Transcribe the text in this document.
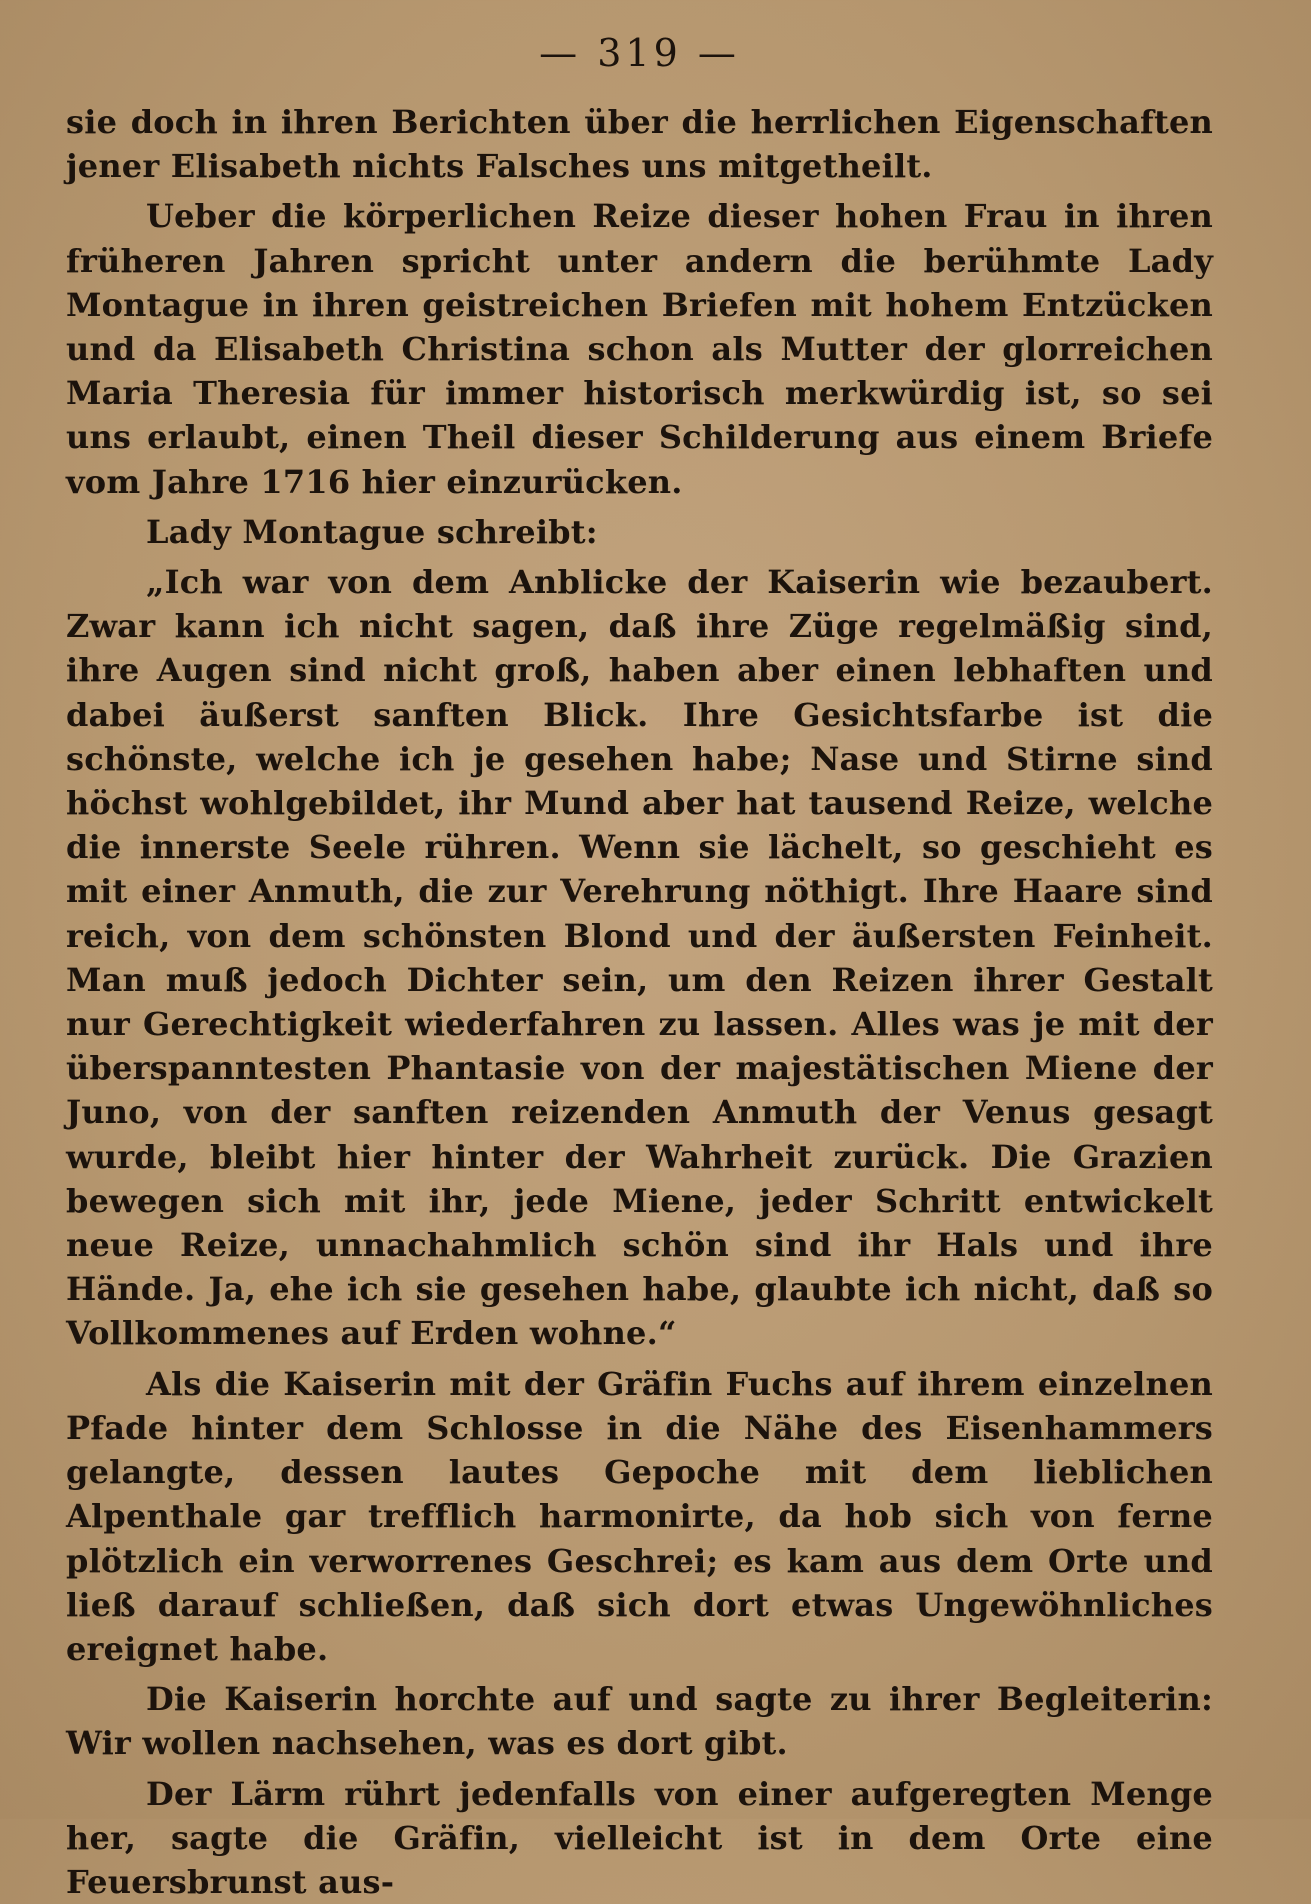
— 319 —

sie doch in ihren Berichten über die herrlichen Eigenschaften jener Elisabeth nichts Falsches uns mitgetheilt.

Ueber die körperlichen Reize dieser hohen Frau in ihren früheren Jahren spricht unter andern die berühmte Lady Montague in ihren geistreichen Briefen mit hohem Entzücken und da Elisabeth Christina schon als Mutter der glorreichen Maria Theresia für immer historisch merkwürdig ist, so sei uns erlaubt, einen Theil dieser Schilderung aus einem Briefe vom Jahre 1716 hier einzurücken.

Lady Montague schreibt:

„Ich war von dem Anblicke der Kaiserin wie bezaubert. Zwar kann ich nicht sagen, daß ihre Züge regelmäßig sind, ihre Augen sind nicht groß, haben aber einen lebhaften und dabei äußerst sanften Blick. Ihre Gesichtsfarbe ist die schönste, welche ich je gesehen habe; Nase und Stirne sind höchst wohlgebildet, ihr Mund aber hat tausend Reize, welche die innerste Seele rühren. Wenn sie lächelt, so geschieht es mit einer Anmuth, die zur Verehrung nöthigt. Ihre Haare sind reich, von dem schönsten Blond und der äußersten Feinheit. Man muß jedoch Dichter sein, um den Reizen ihrer Gestalt nur Gerechtigkeit wiederfahren zu lassen. Alles was je mit der überspanntesten Phantasie von der majestätischen Miene der Juno, von der sanften reizenden Anmuth der Venus gesagt wurde, bleibt hier hinter der Wahrheit zurück. Die Grazien bewegen sich mit ihr, jede Miene, jeder Schritt entwickelt neue Reize, unnachahmlich schön sind ihr Hals und ihre Hände. Ja, ehe ich sie gesehen habe, glaubte ich nicht, daß so Vollkommenes auf Erden wohne.“

Als die Kaiserin mit der Gräfin Fuchs auf ihrem einzelnen Pfade hinter dem Schlosse in die Nähe des Eisenhammers gelangte, dessen lautes Gepoche mit dem lieblichen Alpenthale gar trefflich harmonirte, da hob sich von ferne plötzlich ein verworrenes Geschrei; es kam aus dem Orte und ließ darauf schließen, daß sich dort etwas Ungewöhnliches ereignet habe.

Die Kaiserin horchte auf und sagte zu ihrer Begleiterin: Wir wollen nachsehen, was es dort gibt.

Der Lärm rührt jedenfalls von einer aufgeregten Menge her, sagte die Gräfin, vielleicht ist in dem Orte eine Feuersbrunst aus-
